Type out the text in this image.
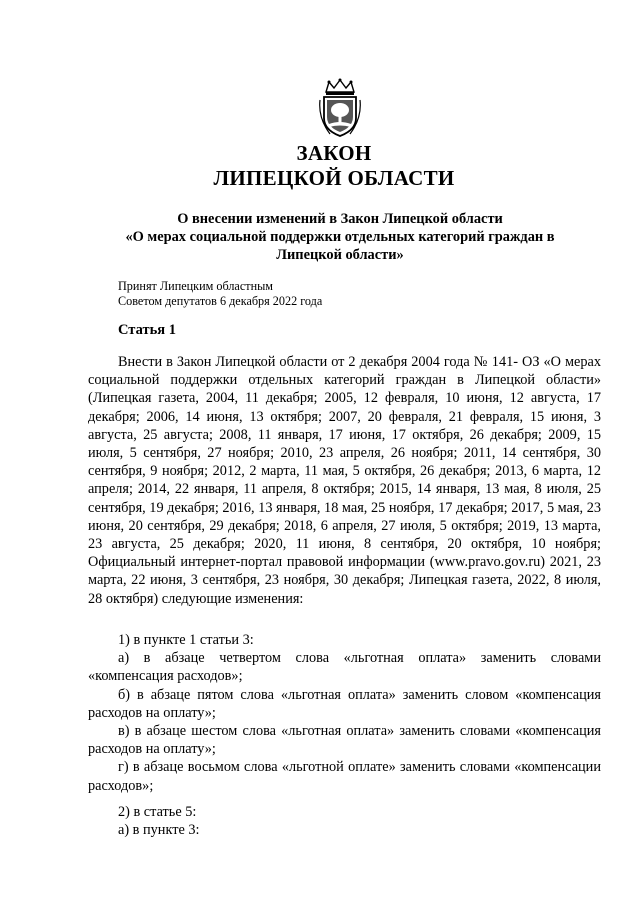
ЗАКОН
ЛИПЕЦКОЙ ОБЛАСТИ
О внесении изменений в Закон Липецкой области
«О мерах социальной поддержки отдельных категорий граждан в Липецкой области»
Принят Липецким областным
Советом депутатов 6 декабря 2022 года
Статья 1

Внести в Закон Липецкой области от 2 декабря 2004 года № 141- ОЗ «О мерах социальной поддержки отдельных категорий граждан в Липецкой области» (Липецкая газета, 2004, 11 декабря; 2005, 12 февраля, 10 июня, 12 августа, 17 декабря; 2006, 14 июня, 13 октября; 2007, 20 февраля, 21 февраля, 15 июня, 3 августа, 25 августа; 2008, 11 января, 17 июня, 17 октября, 26 декабря; 2009, 15 июля, 5 сентября, 27 ноября; 2010, 23 апреля, 26 ноября; 2011, 14 сентября, 30 сентября, 9 ноября; 2012, 2 марта, 11 мая, 5 октября, 26 декабря; 2013, 6 марта, 12 апреля; 2014, 22 января, 11 апреля, 8 октября; 2015, 14 января, 13 мая, 8 июля, 25 сентября, 19 декабря; 2016, 13 января, 18 мая, 25 ноября, 17 декабря; 2017, 5 мая, 23 июня, 20 сентября, 29 декабря; 2018, 6 апреля, 27 июля, 5 октября; 2019, 13 марта, 23 августа, 25 декабря; 2020, 11 июня, 8 сентября, 20 октября, 10 ноября; Официальный интернет-портал правовой информации (www.pravo.gov.ru) 2021, 23 марта, 22 июня, 3 сентября, 23 ноября, 30 декабря; Липецкая газета, 2022, 8 июля, 28 октября) следующие изменения:

1) в пункте 1 статьи 3:

а) в абзаце четвертом слова «льготная оплата» заменить словами «компенсация расходов»;

б) в абзаце пятом слова «льготная оплата» заменить словом «компенсация расходов на оплату»;

в) в абзаце шестом слова «льготная оплата» заменить словами «компенсация расходов на оплату»;

г) в абзаце восьмом слова «льготной оплате» заменить словами «компенсации расходов»;

2) в статье 5:

а) в пункте 3:
